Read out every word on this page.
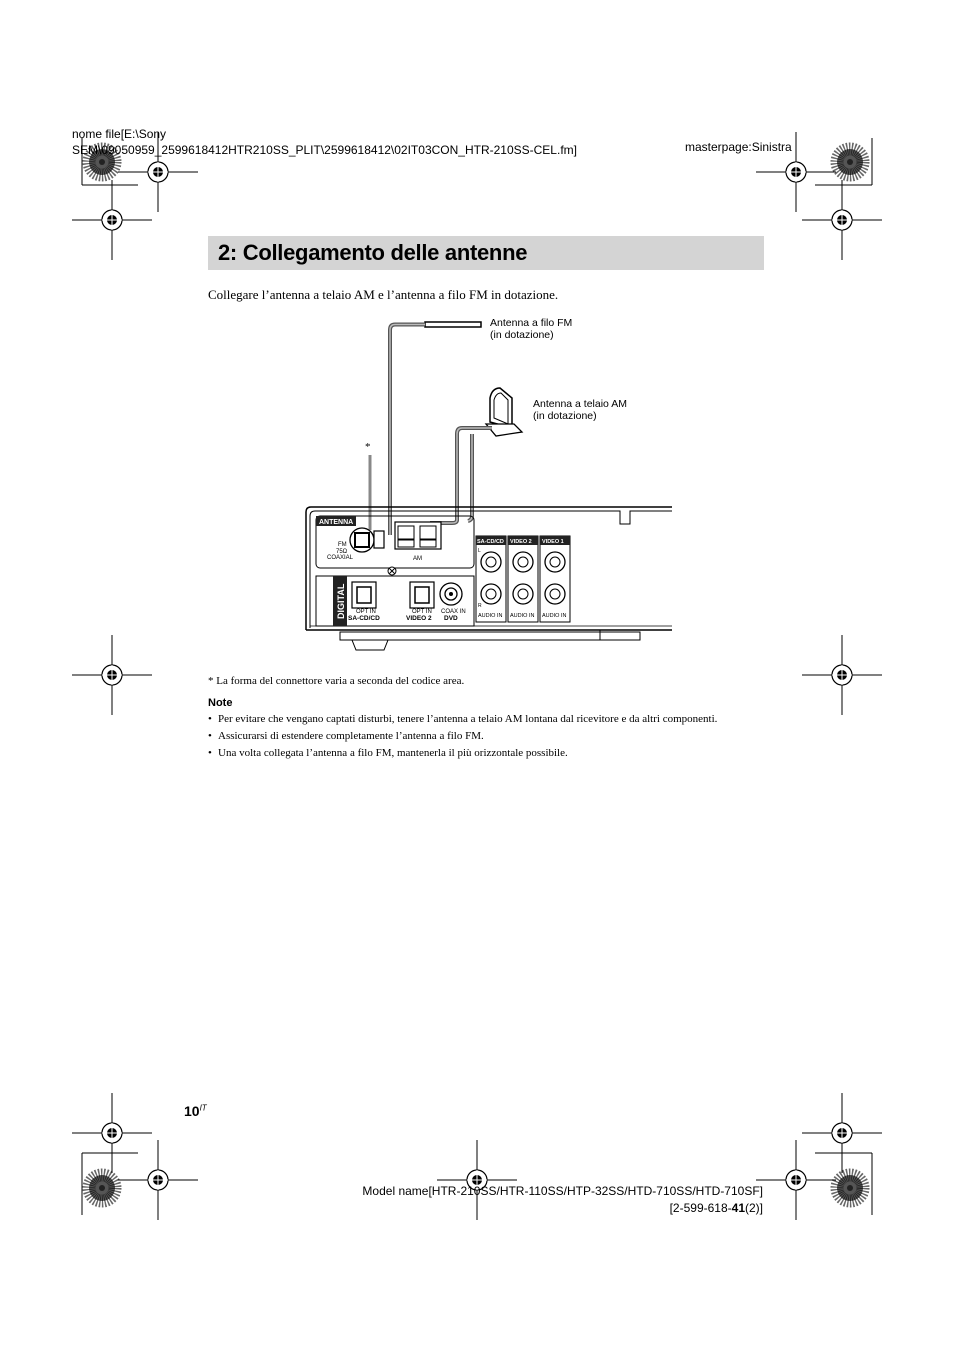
nome file[E:\Sony
SEM\09050959_2599618412HTR210SS_PLIT\2599618412\02IT03CON_HTR-210SS-CEL.fm]	masterpage:Sinistra
2: Collegamento delle antenne
Collegare l’antenna a telaio AM e l’antenna a filo FM in dotazione.
ANTENNA
FM
75Ω
COAXIAL	AM
DIGITAL OPT IN
SA-CD/CD
OPT IN
VIDEO 2
COAX IN
DVD
SA-CD/CD VIDEO 2 VIDEO 1
AUDIO IN AUDIO IN AUDIO IN
L
R
Antenna a filo FM
(in dotazione)
Antenna a telaio AM
(in dotazione)
*
* La forma del connettore varia a seconda del codice area.
Note
• Per evitare che vengano captati disturbi, tenere l’antenna a telaio AM lontana dal ricevitore e da altri componenti.
• Assicurarsi di estendere completamente l’antenna a filo FM.
• Una volta collegata l’antenna a filo FM, mantenerla il più orizzontale possibile.
$10^{IT}$
Model name[HTR-210SS/HTR-110SS/HTP-32SS/HTD-710SS/HTD-710SF]
[2-599-618-41(2)]
